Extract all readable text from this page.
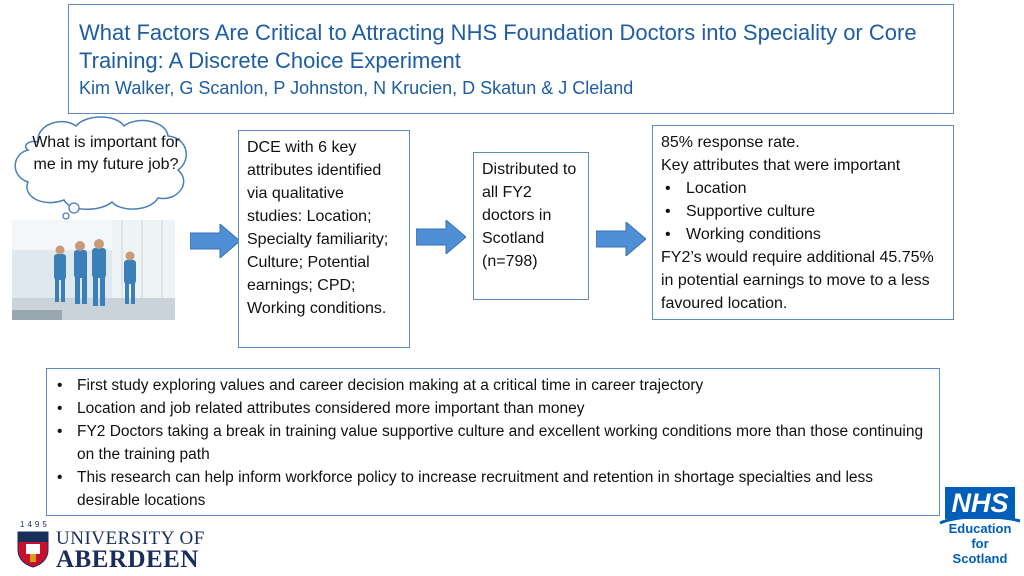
What Factors Are Critical to Attracting NHS Foundation Doctors into Speciality or Core Training: A Discrete Choice Experiment
Kim Walker, G Scanlon, P Johnston, N Krucien, D Skatun & J Cleland
What is important for me in my future job?
DCE with 6 key attributes identified via qualitative studies: Location; Specialty familiarity; Culture; Potential earnings; CPD; Working conditions.
Distributed to all FY2 doctors in Scotland (n=798)
85% response rate.
Key attributes that were important
• Location
• Supportive culture
• Working conditions
FY2’s would require additional 45.75% in potential earnings to move to a less favoured location.
• First study exploring values and career decision making at a critical time in career trajectory
• Location and job related attributes considered more important than money
• FY2 Doctors taking a break in training value supportive culture and excellent working conditions more than those continuing on the training path
• This research can help inform workforce policy to increase recruitment and retention in shortage specialties and less desirable locations
1495
UNIVERSITY OF
ABERDEEN
NHS
Education
for
Scotland
